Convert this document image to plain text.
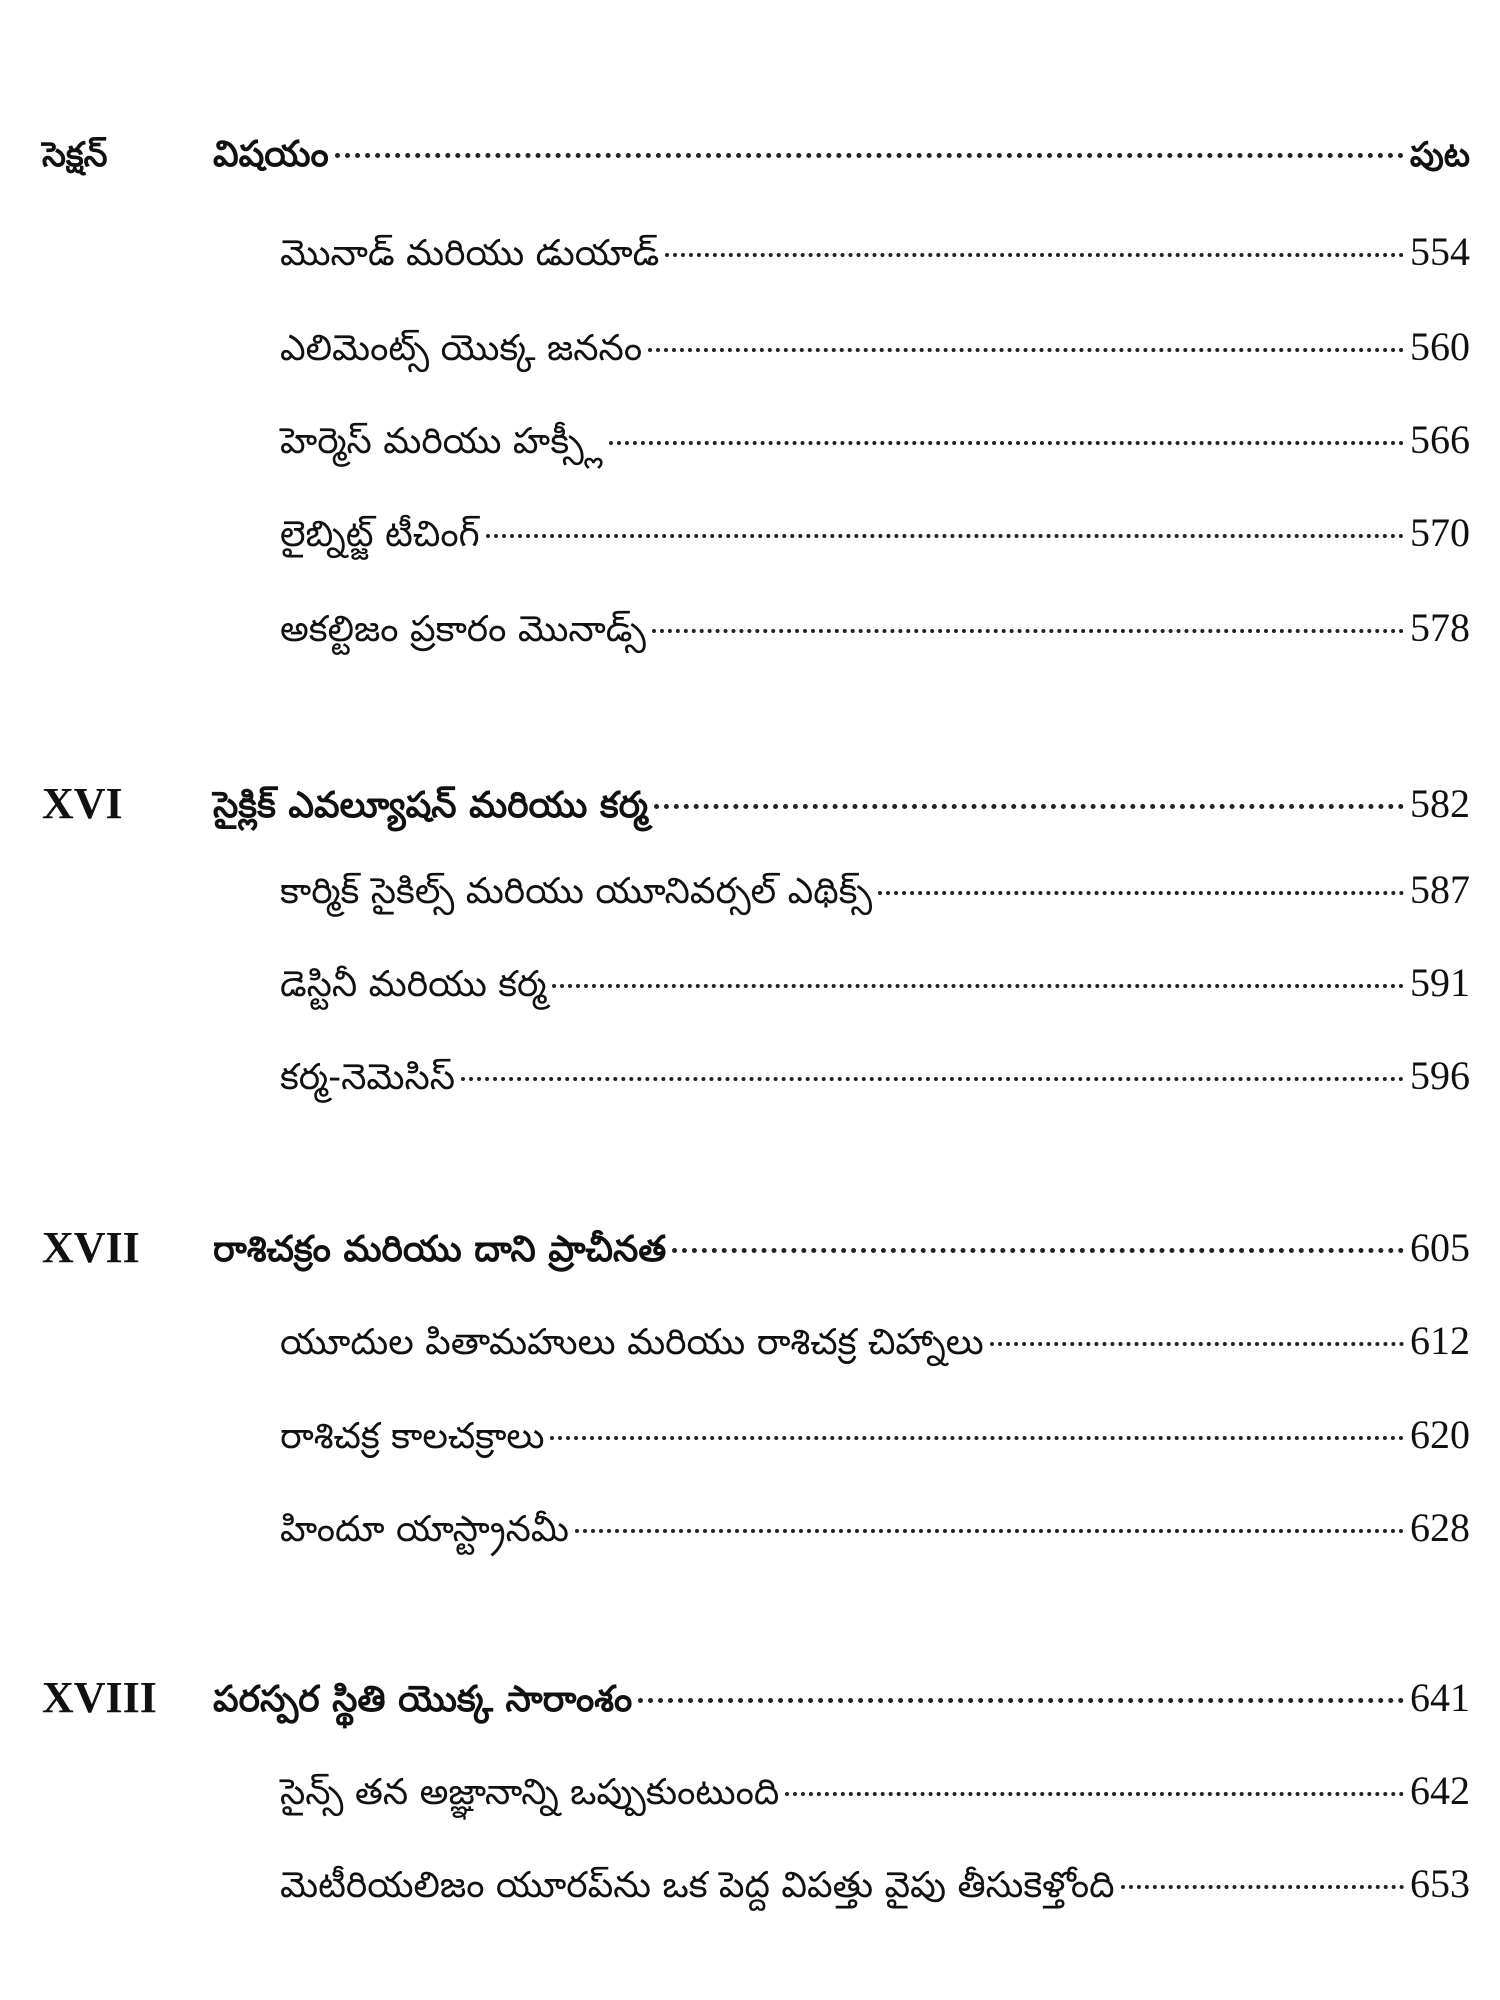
సెక్షన్	విషయం	పుట
మొనాడ్ మరియు డుయాడ్	554
ఎలిమెంట్స్ యొక్క జననం	560
హెర్మెస్ మరియు హక్స్లీ	566
లైబ్నిట్జ్ టీచింగ్	570
అకల్టిజం ప్రకారం మొనాడ్స్	578
XVI	సైక్లిక్ ఎవల్యూషన్ మరియు కర్మ	582
కార్మిక్ సైకిల్స్ మరియు యూనివర్సల్ ఎథిక్స్	587
డెస్టినీ మరియు కర్మ	591
కర్మ-నెమెసిస్	596
XVII రాశిచక్రం మరియు దాని ప్రాచీనత	605
యూదుల పితామహులు మరియు రాశిచక్ర చిహ్నాలు	612
రాశిచక్ర కాలచక్రాలు	620
హిందూ యాస్ట్రానమీ	628
XVIII పరస్పర స్థితి యొక్క సారాంశం	641
సైన్స్ తన అజ్ఞానాన్ని ఒప్పుకుంటుంది	642
మెటీరియలిజం యూరప్‌ను ఒక పెద్ద విపత్తు వైపు తీసుకెళ్తోంది	653
